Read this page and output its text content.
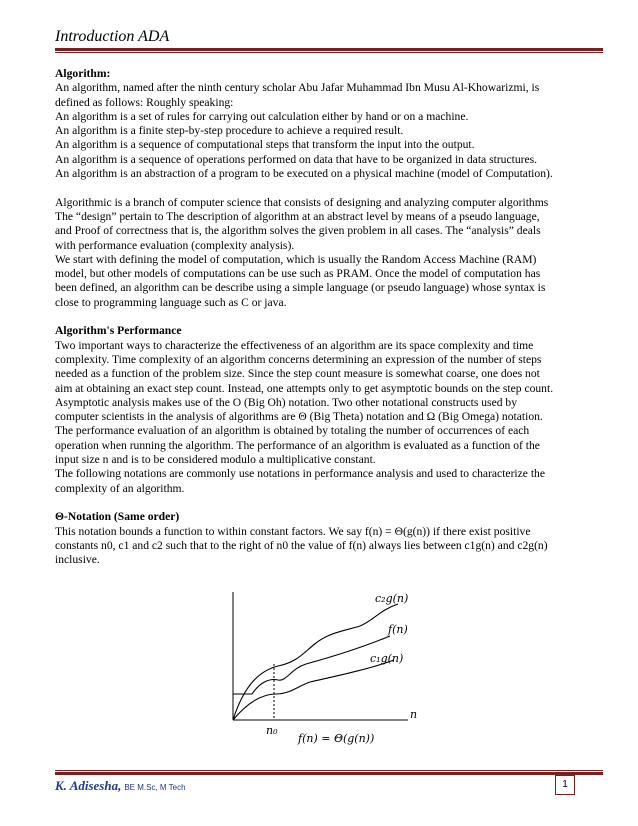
Introduction ADA

Algorithm:

An algorithm, named after the ninth century scholar Abu Jafar Muhammad Ibn Musu Al-Khowarizmi, is

defined as follows: Roughly speaking:

An algorithm is a set of rules for carrying out calculation either by hand or on a machine.

An algorithm is a finite step-by-step procedure to achieve a required result.

An algorithm is a sequence of computational steps that transform the input into the output.

An algorithm is a sequence of operations performed on data that have to be organized in data structures.

An algorithm is an abstraction of a program to be executed on a physical machine (model of Computation).

Algorithmic is a branch of computer science that consists of designing and analyzing computer algorithms

The “design” pertain to The description of algorithm at an abstract level by means of a pseudo language,

and Proof of correctness that is, the algorithm solves the given problem in all cases. The “analysis” deals

with performance evaluation (complexity analysis).

We start with defining the model of computation, which is usually the Random Access Machine (RAM)

model, but other models of computations can be use such as PRAM. Once the model of computation has

been defined, an algorithm can be describe using a simple language (or pseudo language) whose syntax is

close to programming language such as C or java.

Algorithm's Performance

Two important ways to characterize the effectiveness of an algorithm are its space complexity and time

complexity. Time complexity of an algorithm concerns determining an expression of the number of steps

needed as a function of the problem size. Since the step count measure is somewhat coarse, one does not

aim at obtaining an exact step count. Instead, one attempts only to get asymptotic bounds on the step count.

Asymptotic analysis makes use of the O (Big Oh) notation. Two other notational constructs used by

computer scientists in the analysis of algorithms are Θ (Big Theta) notation and Ω (Big Omega) notation.

The performance evaluation of an algorithm is obtained by totaling the number of occurrences of each

operation when running the algorithm. The performance of an algorithm is evaluated as a function of the

input size n and is to be considered modulo a multiplicative constant.

The following notations are commonly use notations in performance analysis and used to characterize the

complexity of an algorithm.

Θ-Notation (Same order)

This notation bounds a function to within constant factors. We say f(n) = Θ(g(n)) if there exist positive

constants n0, c1 and c2 such that to the right of n0 the value of f(n) always lies between c1g(n) and c2g(n)

inclusive.

c₂g(n)
f(n)
c₁g(n)
n
n₀
f(n) = Θ(g(n))
K. Adisesha, BE M.Sc, M Tech	1
